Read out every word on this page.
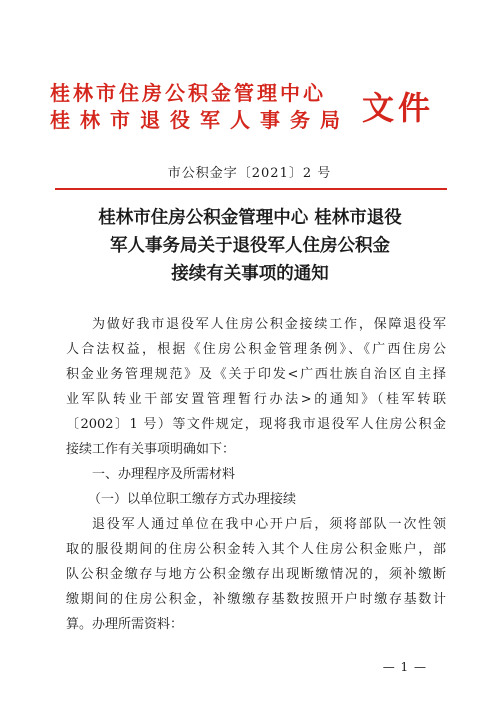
桂林市住房公积金管理中心
桂林市退役军人事务局 文件
市公积金字〔2021〕2 号
桂林市住房公积金管理中心 桂林市退役
军人事务局关于退役军人住房公积金
接续有关事项的通知

为做好我市退役军人住房公积金接续工作，保障退役军

人合法权益，根据《住房公积金管理条例》、《广西住房公

积金业务管理规范》及《关于印发<广西壮族自治区自主择

业军队转业干部安置管理暂行办法>的通知》（桂军转联

〔2002〕1 号）等文件规定，现将我市退役军人住房公积金

接续工作有关事项明确如下：

一、办理程序及所需材料

（一）以单位职工缴存方式办理接续

退役军人通过单位在我中心开户后，须将部队一次性领

取的服役期间的住房公积金转入其个人住房公积金账户，部

队公积金缴存与地方公积金缴存出现断缴情况的，须补缴断

缴期间的住房公积金，补缴缴存基数按照开户时缴存基数计

算。办理所需资料：

— 1 —
